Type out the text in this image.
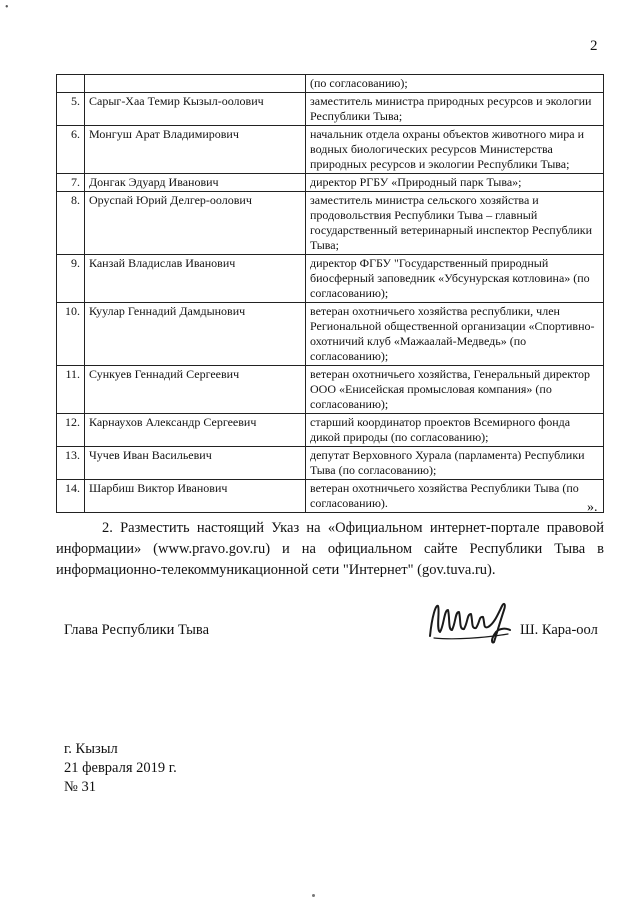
•
2
		(по согласованию);
5.	Сарыг-Хаа Темир Кызыл-оолович	заместитель министра природных ресурсов и экологии Республики Тыва;
6.	Монгуш Арат Владимирович	начальник отдела охраны объектов животного мира и водных биологических ресурсов Министерства природных ресурсов и экологии Республики Тыва;
7.	Донгак Эдуард Иванович	директор РГБУ «Природный парк Тыва»;
8.	Оруспай Юрий Делгер-оолович	заместитель министра сельского хозяйства и продовольствия Республики Тыва – главный государственный ветеринарный инспектор Республики Тыва;
9.	Канзай Владислав Иванович	директор ФГБУ "Государственный природный биосферный заповедник «Убсунурская котловина» (по согласованию);
10.	Куулар Геннадий Дамдынович	ветеран охотничьего хозяйства республики, член Региональной общественной организации «Спортивно-охотничий клуб «Мажаалай-Медведь» (по согласованию);
11.	Сункуев Геннадий Сергеевич	ветеран охотничьего хозяйства, Генеральный директор ООО «Енисейская промысловая компания» (по согласованию);
12.	Карнаухов Александр Сергеевич	старший координатор проектов Всемирного фонда дикой природы (по согласованию);
13.	Чучев Иван Васильевич	депутат Верховного Хурала (парламента) Республики Тыва (по согласованию);
14.	Шарбиш Виктор Иванович	ветеран охотничьего хозяйства Республики Тыва (по согласованию).	».
2. Разместить настоящий Указ на «Официальном интернет-портале правовой информации» (www.pravo.gov.ru) и на официальном сайте Республики Тыва в информационно-телекоммуникационной сети "Интернет" (gov.tuva.ru).
Глава Республики Тыва	Ш. Кара-оол
г. Кызыл
21 февраля 2019 г.
№ 31
